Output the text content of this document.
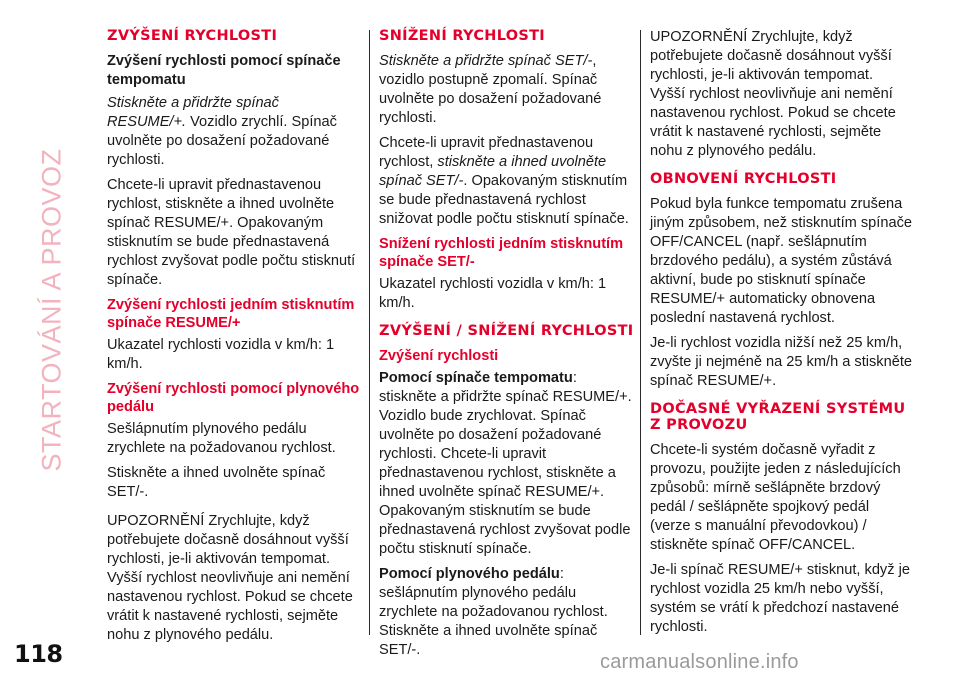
STARTOVÁNÍ A PROVOZ
118
ZVÝŠENÍ RYCHLOSTI
Zvýšení rychlosti pomocí spínače tempomatu

Stiskněte a přidržte spínač RESUME/+. Vozidlo zrychlí. Spínač uvolněte po dosažení požadované rychlosti.

Chcete-li upravit přednastavenou rychlost, stiskněte a ihned uvolněte spínač RESUME/+. Opakovaným stisknutím se bude přednastavená rychlost zvyšovat podle počtu stisknutí spínače.

Zvýšení rychlosti jedním stisknutím spínače RESUME/+

Ukazatel rychlosti vozidla v km/h: 1 km/h.

Zvýšení rychlosti pomocí plynového pedálu

Sešlápnutím plynového pedálu zrychlete na požadovanou rychlost.

Stiskněte a ihned uvolněte spínač SET/-.

UPOZORNĚNÍ Zrychlujte, když potřebujete dočasně dosáhnout vyšší rychlosti, je-li aktivován tempomat. Vyšší rychlost neovlivňuje ani nemění nastavenou rychlost. Pokud se chcete vrátit k nastavené rychlosti, sejměte nohu z plynového pedálu.

SNÍŽENÍ RYCHLOSTI

Stiskněte a přidržte spínač SET/-, vozidlo postupně zpomalí. Spínač uvolněte po dosažení požadované rychlosti.

Chcete-li upravit přednastavenou rychlost, stiskněte a ihned uvolněte spínač SET/-. Opakovaným stisknutím se bude přednastavená rychlost snižovat podle počtu stisknutí spínače.

Snížení rychlosti jedním stisknutím spínače SET/-

Ukazatel rychlosti vozidla v km/h: 1 km/h.

ZVÝŠENÍ / SNÍŽENÍ RYCHLOSTI
Zvýšení rychlosti

Pomocí spínače tempomatu: stiskněte a přidržte spínač RESUME/+. Vozidlo bude zrychlovat. Spínač uvolněte po dosažení požadované rychlosti. Chcete-li upravit přednastavenou rychlost, stiskněte a ihned uvolněte spínač RESUME/+. Opakovaným stisknutím se bude přednastavená rychlost zvyšovat podle počtu stisknutí spínače.

Pomocí plynového pedálu: sešlápnutím plynového pedálu zrychlete na požadovanou rychlost. Stiskněte a ihned uvolněte spínač SET/-.

UPOZORNĚNÍ Zrychlujte, když potřebujete dočasně dosáhnout vyšší rychlosti, je-li aktivován tempomat. Vyšší rychlost neovlivňuje ani nemění nastavenou rychlost. Pokud se chcete vrátit k nastavené rychlosti, sejměte nohu z plynového pedálu.

OBNOVENÍ RYCHLOSTI

Pokud byla funkce tempomatu zrušena jiným způsobem, než stisknutím spínače OFF/CANCEL (např. sešlápnutím brzdového pedálu), a systém zůstává aktivní, bude po stisknutí spínače RESUME/+ automaticky obnovena poslední nastavená rychlost.

Je-li rychlost vozidla nižší než 25 km/h, zvyšte ji nejméně na 25 km/h a stiskněte spínač RESUME/+.

DOČASNÉ VYŘAZENÍ SYSTÉMU Z PROVOZU

Chcete-li systém dočasně vyřadit z provozu, použijte jeden z následujících způsobů: mírně sešlápněte brzdový pedál / sešlápněte spojkový pedál (verze s manuální převodovkou) / stiskněte spínač OFF/CANCEL.

Je-li spínač RESUME/+ stisknut, když je rychlost vozidla 25 km/h nebo vyšší, systém se vrátí k předchozí nastavené rychlosti.

carmanualsonline.info
